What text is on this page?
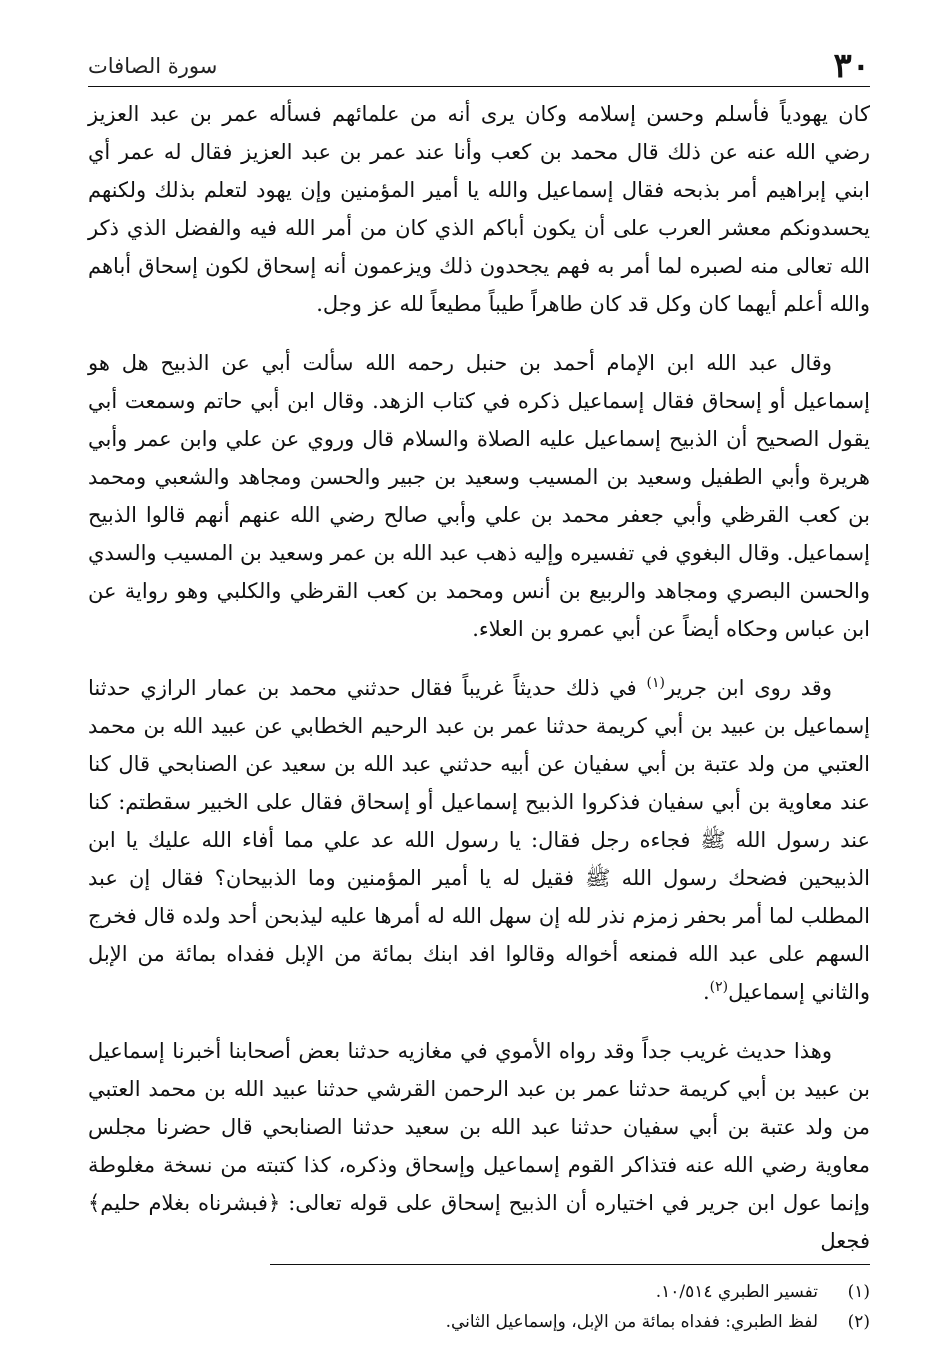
٣٠
سورة الصافات

كان يهودياً فأسلم وحسن إسلامه وكان يرى أنه من علمائهم فسأله عمر بن عبد العزيز رضي الله عنه عن ذلك قال محمد بن كعب وأنا عند عمر بن عبد العزيز فقال له عمر أي ابني إبراهيم أمر بذبحه فقال إسماعيل والله يا أمير المؤمنين وإن يهود لتعلم بذلك ولكنهم يحسدونكم معشر العرب على أن يكون أباكم الذي كان من أمر الله فيه والفضل الذي ذكر الله تعالى منه لصبره لما أمر به فهم يجحدون ذلك ويزعمون أنه إسحاق لكون إسحاق أباهم والله أعلم أيهما كان وكل قد كان طاهراً طيباً مطيعاً لله عز وجل.

وقال عبد الله ابن الإمام أحمد بن حنبل رحمه الله سألت أبي عن الذبيح هل هو إسماعيل أو إسحاق فقال إسماعيل ذكره في كتاب الزهد. وقال ابن أبي حاتم وسمعت أبي يقول الصحيح أن الذبيح إسماعيل عليه الصلاة والسلام قال وروي عن علي وابن عمر وأبي هريرة وأبي الطفيل وسعيد بن المسيب وسعيد بن جبير والحسن ومجاهد والشعبي ومحمد بن كعب القرظي وأبي جعفر محمد بن علي وأبي صالح رضي الله عنهم أنهم قالوا الذبيح إسماعيل. وقال البغوي في تفسيره وإليه ذهب عبد الله بن عمر وسعيد بن المسيب والسدي والحسن البصري ومجاهد والربيع بن أنس ومحمد بن كعب القرظي والكلبي وهو رواية عن ابن عباس وحكاه أيضاً عن أبي عمرو بن العلاء.

وقد روى ابن جرير$^{(١)}$ في ذلك حديثاً غريباً فقال حدثني محمد بن عمار الرازي حدثنا إسماعيل بن عبيد بن أبي كريمة حدثنا عمر بن عبد الرحيم الخطابي عن عبيد الله بن محمد العتبي من ولد عتبة بن أبي سفيان عن أبيه حدثني عبد الله بن سعيد عن الصنابحي قال كنا عند معاوية بن أبي سفيان فذكروا الذبيح إسماعيل أو إسحاق فقال على الخبير سقطتم: كنا عند رسول الله ﷺ فجاءه رجل فقال: يا رسول الله عد علي مما أفاء الله عليك يا ابن الذبيحين فضحك رسول الله ﷺ فقيل له يا أمير المؤمنين وما الذبيحان؟ فقال إن عبد المطلب لما أمر بحفر زمزم نذر لله إن سهل الله له أمرها عليه ليذبحن أحد ولده قال فخرج السهم على عبد الله فمنعه أخواله وقالوا افد ابنك بمائة من الإبل ففداه بمائة من الإبل والثاني إسماعيل$^{(٢)}$.

وهذا حديث غريب جداً وقد رواه الأموي في مغازيه حدثنا بعض أصحابنا أخبرنا إسماعيل بن عبيد بن أبي كريمة حدثنا عمر بن عبد الرحمن القرشي حدثنا عبيد الله بن محمد العتبي من ولد عتبة بن أبي سفيان حدثنا عبد الله بن سعيد حدثنا الصنابحي قال حضرنا مجلس معاوية رضي الله عنه فتذاكر القوم إسماعيل وإسحاق وذكره، كذا كتبته من نسخة مغلوطة وإنما عول ابن جرير في اختياره أن الذبيح إسحاق على قوله تعالى: ﴿فبشرناه بغلام حليم﴾ فجعل

(١)تفسير الطبري ١٠/٥١٤.

(٢)لفظ الطبري: ففداه بمائة من الإبل، وإسماعيل الثاني.
